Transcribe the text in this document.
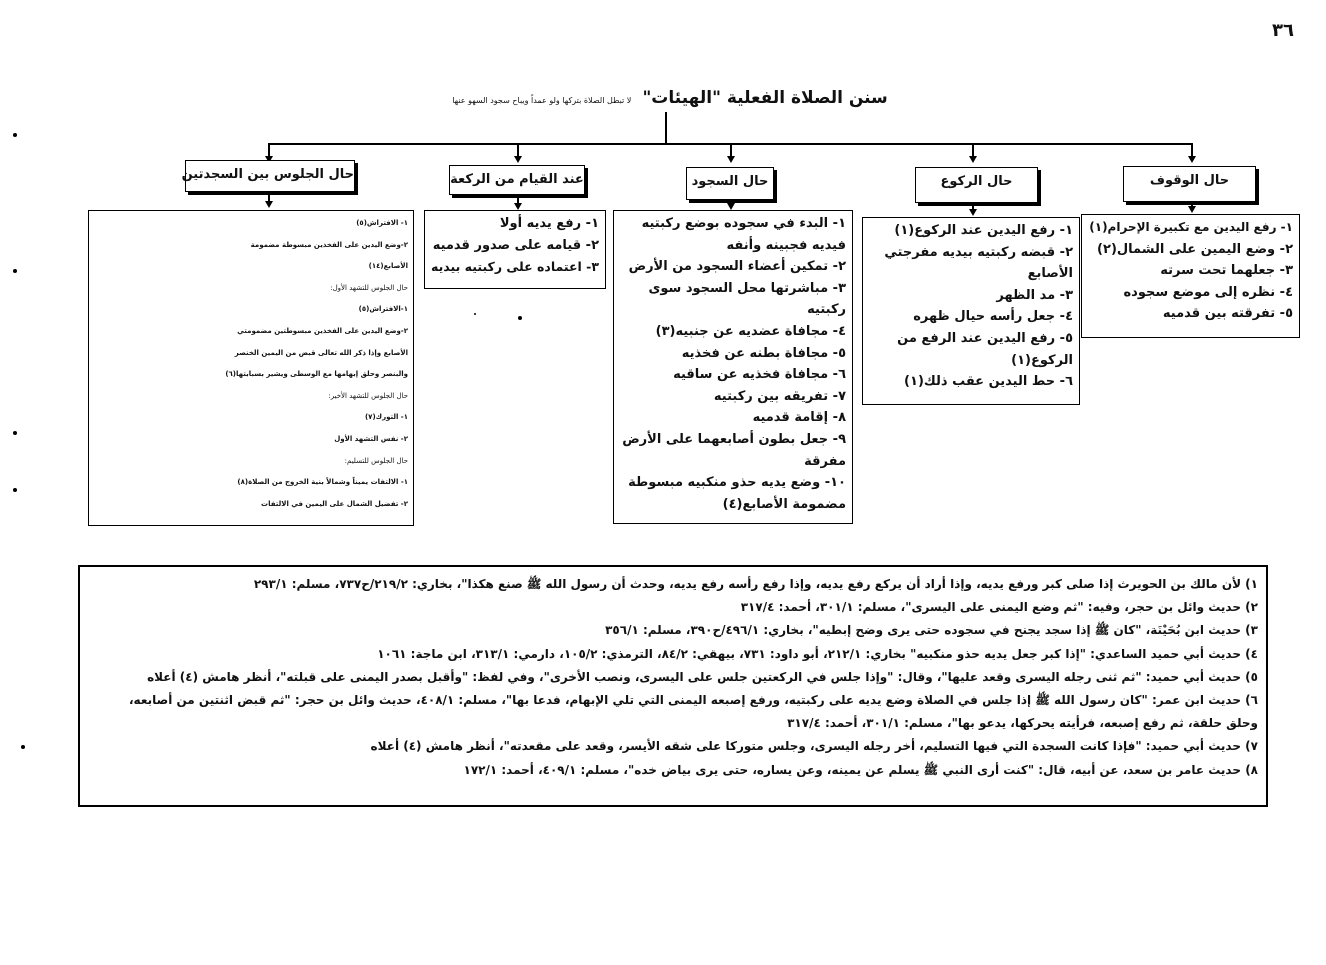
٣٦
سنن الصلاة الفعلية "الهيئات" لا تبطل الصلاة بتركها ولو عمداً ويباح سجود السهو عنها
حال الوقوف
حال الركوع
حال السجود
عند القيام من الركعة
حال الجلوس بين السجدتين
١- رفع اليدين مع تكبيرة الإحرام(١)
٢- وضع اليمين على الشمال(٢)
٣- جعلهما تحت سرته
٤- نظره إلى موضع سجوده
٥- تفرقته بين قدميه
١- رفع اليدين عند الركوع(١)
٢- قبضه ركبتيه بيديه مفرجتي
الأصابع
٣- مد الظهر
٤- جعل رأسه حيال ظهره
٥- رفع اليدين عند الرفع من
الركوع(١)
٦- حط اليدين عقب ذلك(١)
١- البدء في سجوده بوضع ركبتيه
فيديه فجبينه وأنفه
٢- تمكين أعضاء السجود من الأرض
٣- مباشرتها محل السجود سوى
ركبتيه
٤- مجافاة عضديه عن جنبيه(٣)
٥- مجافاة بطنه عن فخذيه
٦- مجافاة فخذيه عن ساقيه
٧- تفريقه بين ركبتيه
٨- إقامة قدميه
٩- جعل بطون أصابعهما على الأرض
مفرقة
١٠- وضع يديه حذو منكبيه مبسوطة
مضمومة الأصابع(٤)
١- رفع يديه أولا
٢- قيامه على صدور قدميه
٣- اعتماده على ركبتيه بيديه
١- الافتراش(٥)
٢-وضع اليدين على الفخذين مبسوطة مضمومة
الأصابع(١٤)
حال الجلوس للتشهد الأول:
١-الافتراش(٥)
٢-وضع اليدين على الفخذين مبسوطتين مضمومتي
الأصابع وإذا ذكر الله تعالى قبض من اليمين الخنصر
والبنصر وحلق إبهامها مع الوسطى ويشير بسبابتها(٦)
حال الجلوس للتشهد الأخير:
١- التورك(٧)
٢- نفس التشهد الأول
حال الجلوس للتسليم:
١- الالتفات يميناً وشمالاً بنية الخروج من الصلاة(٨)
٢- تفضيل الشمال على اليمين في الالتفات
١) لأن مالك بن الحويرث إذا صلى كبر ورفع يديه، وإذا أراد أن يركع رفع يديه، وإذا رفع رأسه رفع يديه، وحدث أن رسول الله ﷺ صنع هكذا"، بخاري: ٢١٩/٢/ح٧٣٧، مسلم: ٢٩٣/١
٢) حديث وائل بن حجر، وفيه: "ثم وضع اليمنى على اليسرى"، مسلم: ٣٠١/١، أحمد: ٣١٧/٤
٣) حديث ابن بُحَيْنَة، "كان ﷺ إذا سجد يجنح في سجوده حتى يرى وضح إبطيه"، بخاري: ٤٩٦/١/ح٣٩٠، مسلم: ٣٥٦/١
٤) حديث أبي حميد الساعدي: "إذا كبر جعل يديه حذو منكبيه" بخاري: ٢١٢/١، أبو داود: ٧٣١، بيهقي: ٨٤/٢، الترمذي: ١٠٥/٢، دارمي: ٣١٣/١، ابن ماجة: ١٠٦١
٥) حديث أبي حميد: "ثم ثنى رجله اليسرى وقعد عليها"، وقال: "وإذا جلس في الركعتين جلس على اليسرى، ونصب الأخرى"، وفي لفظ: "وأقبل بصدر اليمنى على قبلته"، أنظر هامش (٤) أعلاه
٦) حديث ابن عمر: "كان رسول الله ﷺ إذا جلس في الصلاة وضع يديه على ركبتيه، ورفع إصبعه اليمنى التي تلي الإبهام، فدعا بها"، مسلم: ٤٠٨/١، حديث وائل بن حجر: "ثم قبض اثنتين من أصابعه،
وحلق حلقة، ثم رفع إصبعه، فرأيته يحركها، يدعو بها"، مسلم: ٣٠١/١، أحمد: ٣١٧/٤
٧) حديث أبي حميد: "فإذا كانت السجدة التي فيها التسليم، أخر رجله اليسرى، وجلس متوركا على شقه الأيسر، وقعد على مقعدته"، أنظر هامش (٤) أعلاه
٨) حديث عامر بن سعد، عن أبيه، قال: "كنت أرى النبي ﷺ يسلم عن يمينه، وعن يساره، حتى يرى بياض خده"، مسلم: ٤٠٩/١، أحمد: ١٧٢/١
